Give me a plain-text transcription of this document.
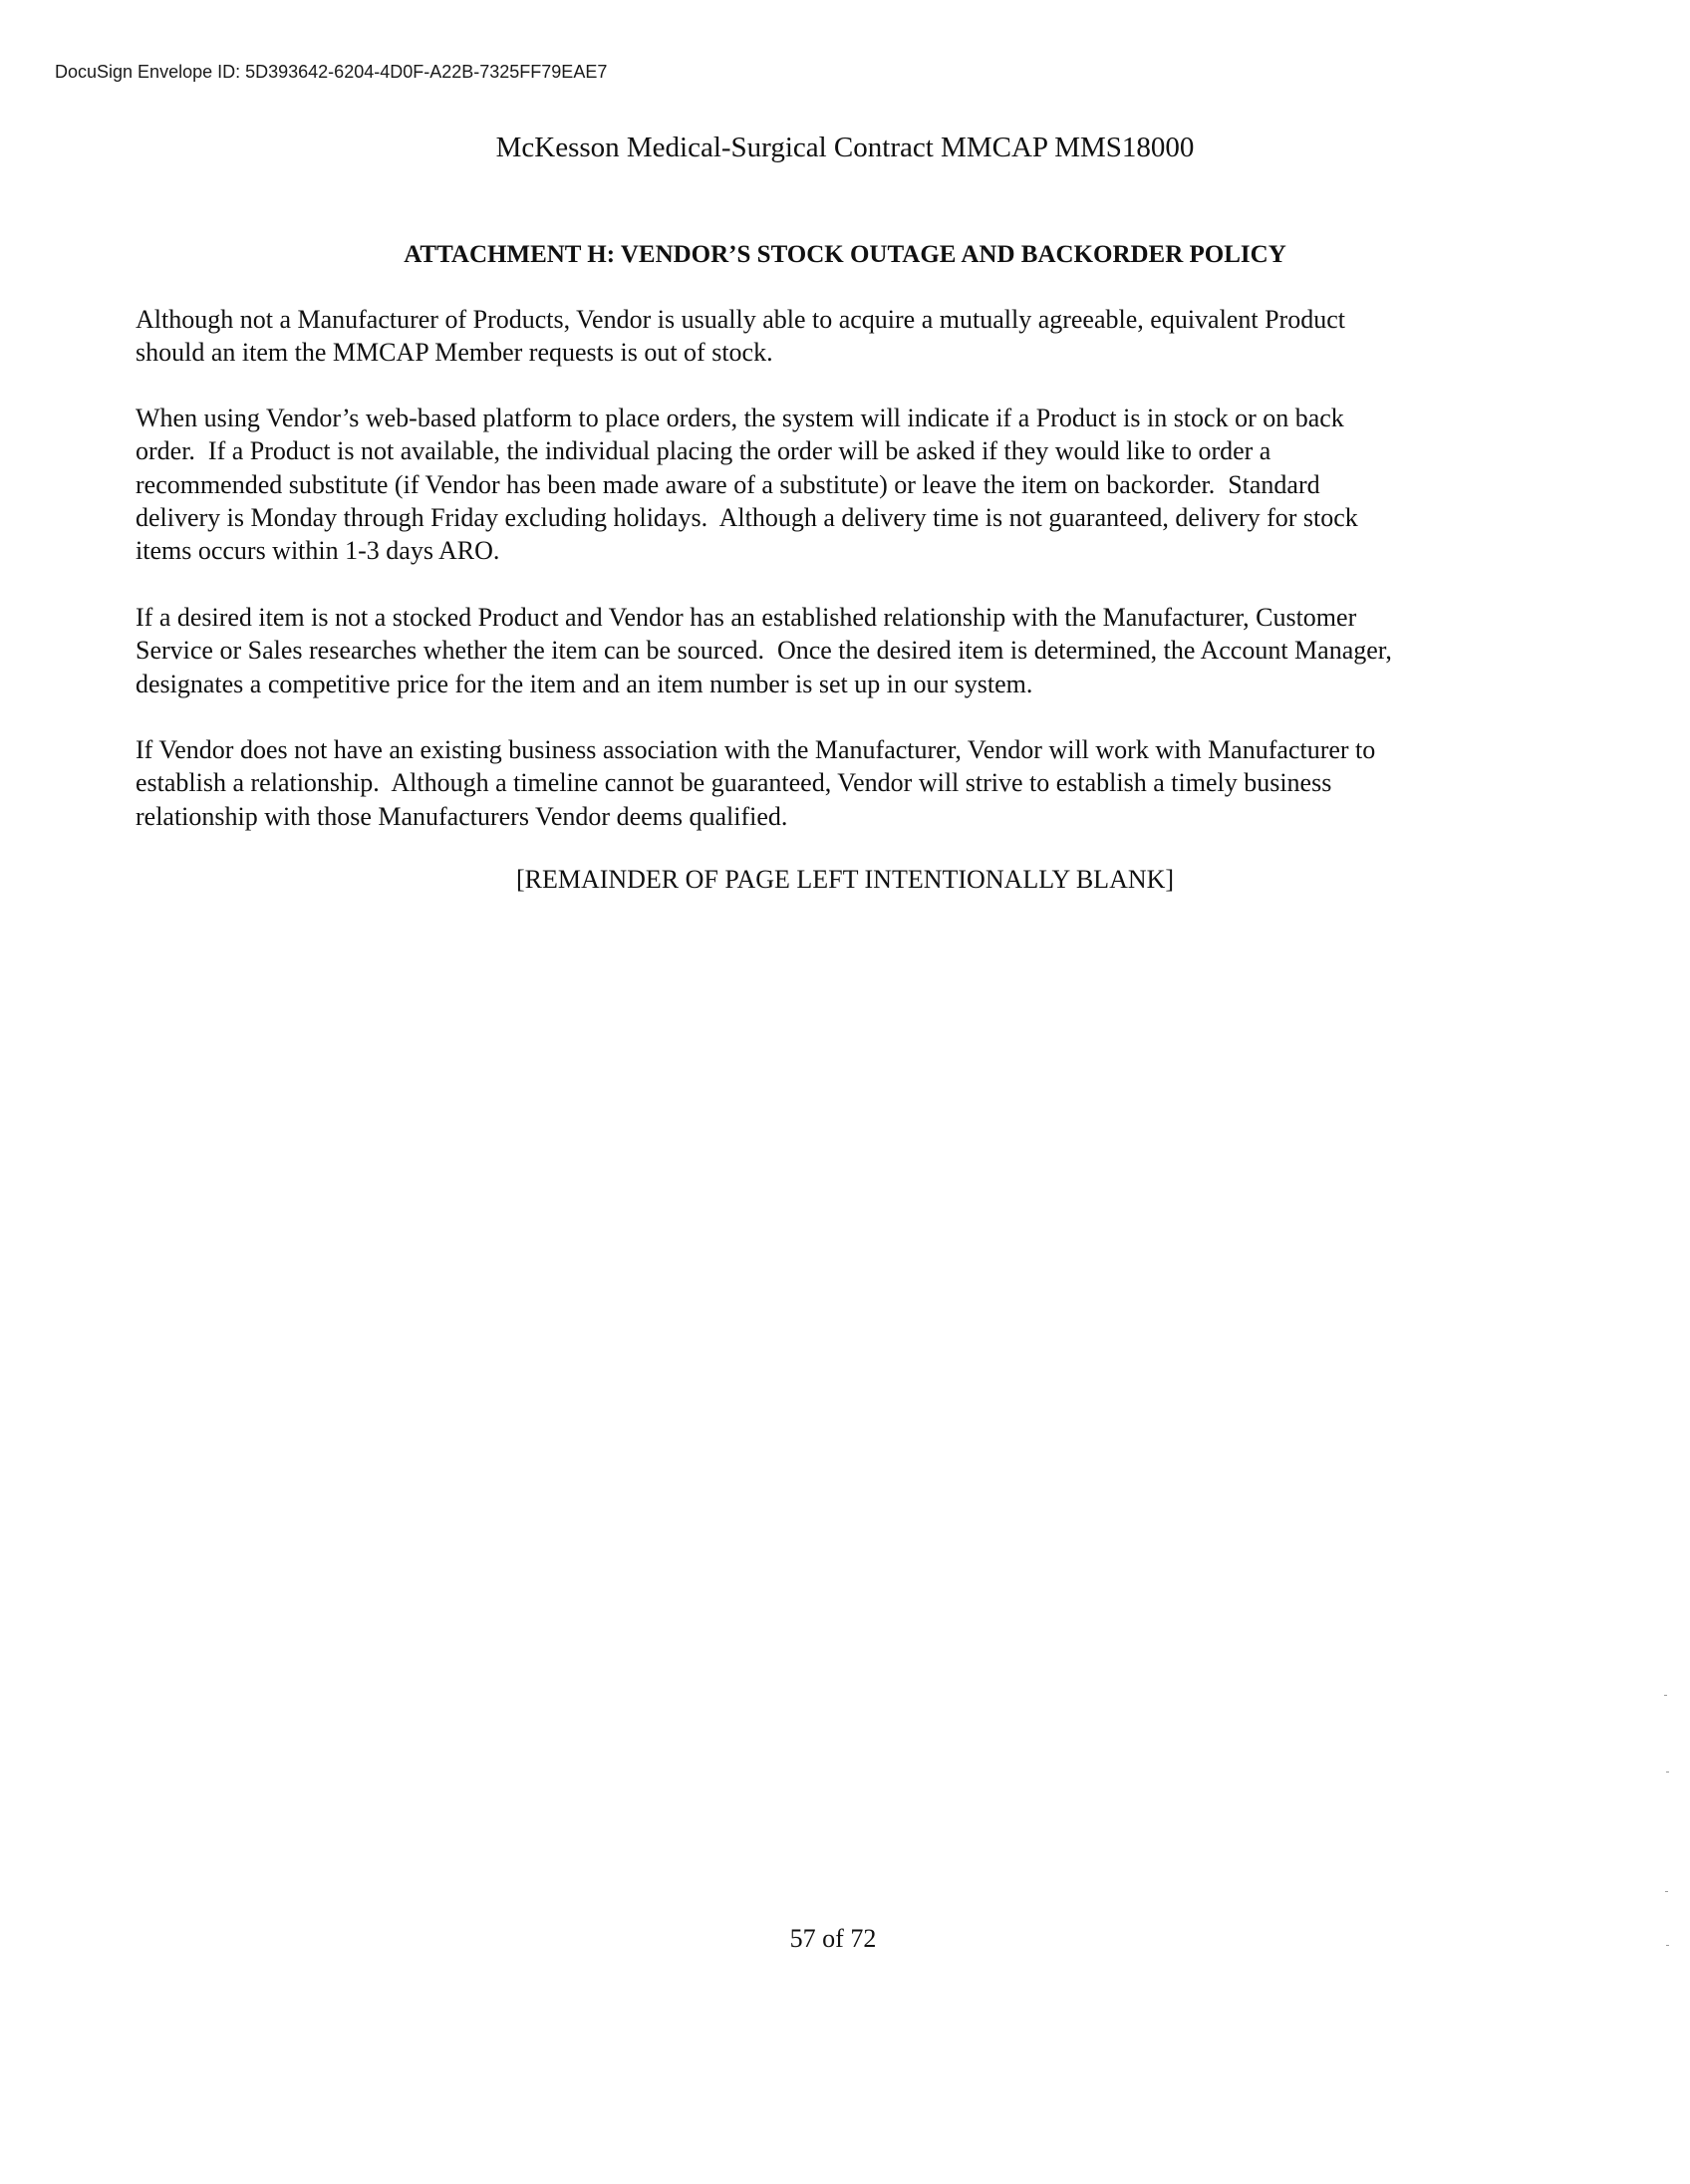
DocuSign Envelope ID: 5D393642-6204-4D0F-A22B-7325FF79EAE7
McKesson Medical-Surgical Contract MMCAP MMS18000
ATTACHMENT H: VENDOR’S STOCK OUTAGE AND BACKORDER POLICY
Although not a Manufacturer of Products, Vendor is usually able to acquire a mutually agreeable, equivalent Product
should an item the MMCAP Member requests is out of stock.
When using Vendor’s web-based platform to place orders, the system will indicate if a Product is in stock or on back
order.  If a Product is not available, the individual placing the order will be asked if they would like to order a
recommended substitute (if Vendor has been made aware of a substitute) or leave the item on backorder.  Standard
delivery is Monday through Friday excluding holidays.  Although a delivery time is not guaranteed, delivery for stock
items occurs within 1-3 days ARO.
If a desired item is not a stocked Product and Vendor has an established relationship with the Manufacturer, Customer
Service or Sales researches whether the item can be sourced.  Once the desired item is determined, the Account Manager,
designates a competitive price for the item and an item number is set up in our system.
If Vendor does not have an existing business association with the Manufacturer, Vendor will work with Manufacturer to
establish a relationship.  Although a timeline cannot be guaranteed, Vendor will strive to establish a timely business
relationship with those Manufacturers Vendor deems qualified.
[REMAINDER OF PAGE LEFT INTENTIONALLY BLANK]
57 of 72
